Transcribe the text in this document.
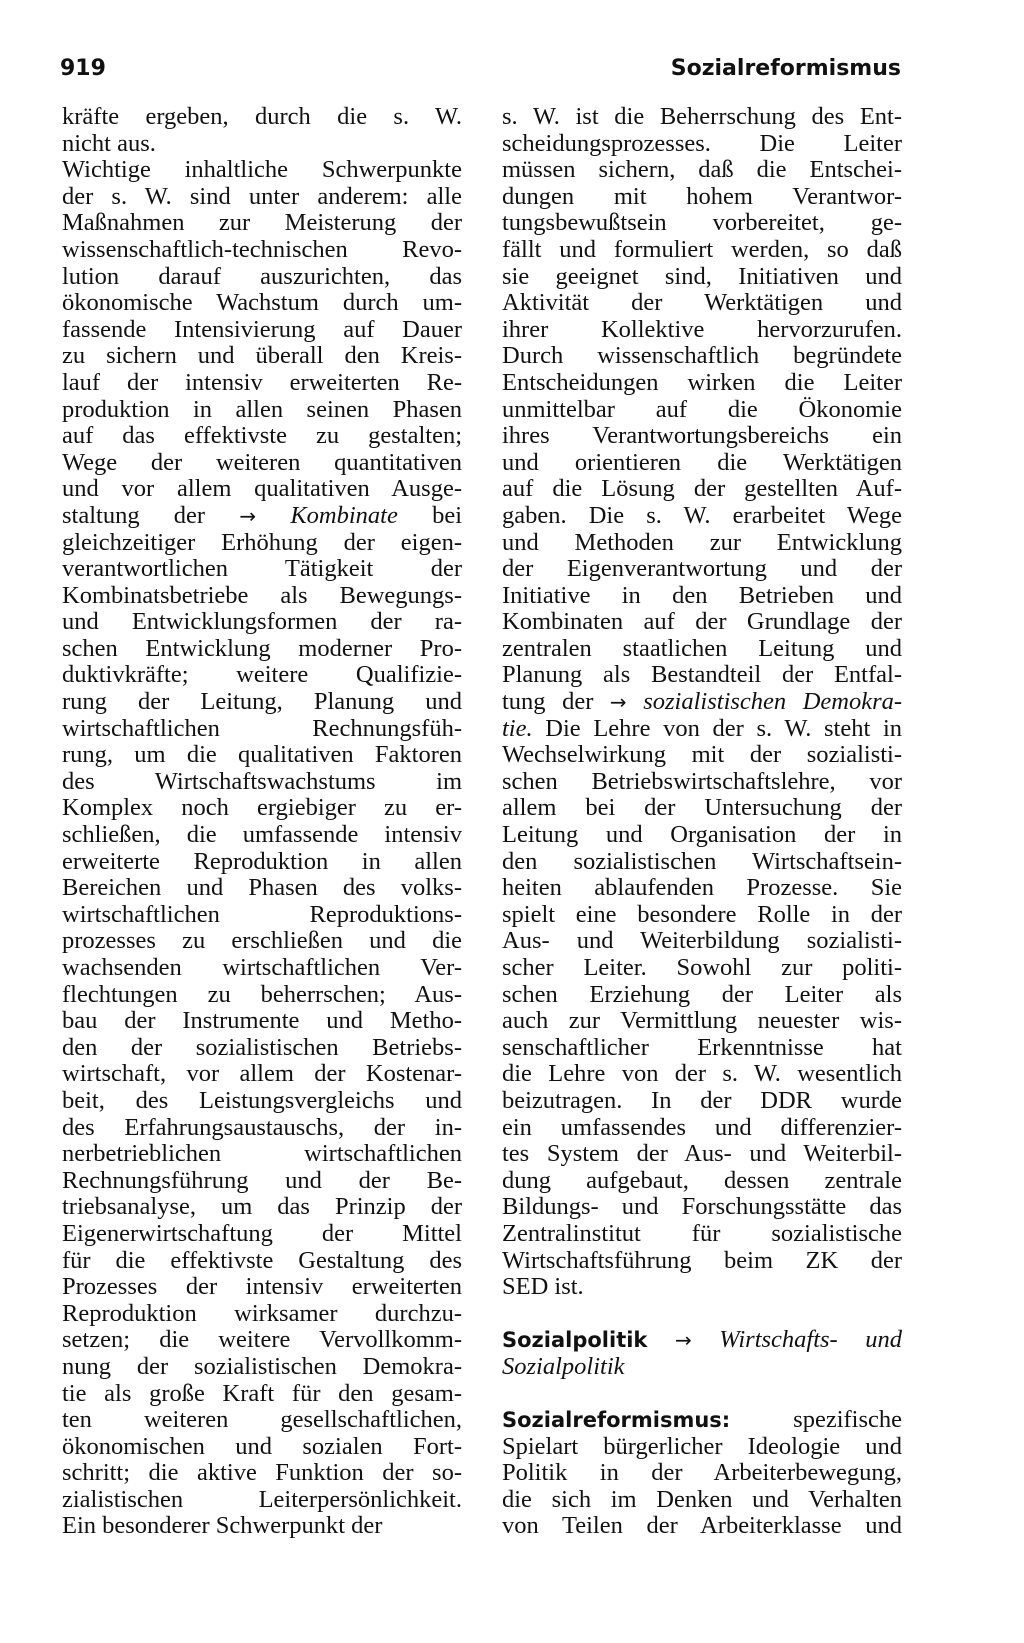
919	Sozialreformismus
kräfte ergeben, durch die s. W.
nicht aus.
Wichtige inhaltliche Schwerpunkte
der s. W. sind unter anderem: alle
Maßnahmen zur Meisterung der
wissenschaftlich-technischen Revo-
lution darauf auszurichten, das
ökonomische Wachstum durch um-
fassende Intensivierung auf Dauer
zu sichern und überall den Kreis-
lauf der intensiv erweiterten Re-
produktion in allen seinen Phasen
auf das effektivste zu gestalten;
Wege der weiteren quantitativen
und vor allem qualitativen Ausge-
staltung der → Kombinate bei
gleichzeitiger Erhöhung der eigen-
verantwortlichen Tätigkeit der
Kombinatsbetriebe als Bewegungs-
und Entwicklungsformen der ra-
schen Entwicklung moderner Pro-
duktivkräfte; weitere Qualifizie-
rung der Leitung, Planung und
wirtschaftlichen Rechnungsfüh-
rung, um die qualitativen Faktoren
des Wirtschaftswachstums im
Komplex noch ergiebiger zu er-
schließen, die umfassende intensiv
erweiterte Reproduktion in allen
Bereichen und Phasen des volks-
wirtschaftlichen Reproduktions-
prozesses zu erschließen und die
wachsenden wirtschaftlichen Ver-
flechtungen zu beherrschen; Aus-
bau der Instrumente und Metho-
den der sozialistischen Betriebs-
wirtschaft, vor allem der Kostenar-
beit, des Leistungsvergleichs und
des Erfahrungsaustauschs, der in-
nerbetrieblichen wirtschaftlichen
Rechnungsführung und der Be-
triebsanalyse, um das Prinzip der
Eigenerwirtschaftung der Mittel
für die effektivste Gestaltung des
Prozesses der intensiv erweiterten
Reproduktion wirksamer durchzu-
setzen; die weitere Vervollkomm-
nung der sozialistischen Demokra-
tie als große Kraft für den gesam-
ten weiteren gesellschaftlichen,
ökonomischen und sozialen Fort-
schritt; die aktive Funktion der so-
zialistischen Leiterpersönlichkeit.
Ein besonderer Schwerpunkt der
s. W. ist die Beherrschung des Ent-
scheidungsprozesses. Die Leiter
müssen sichern, daß die Entschei-
dungen mit hohem Verantwor-
tungsbewußtsein vorbereitet, ge-
fällt und formuliert werden, so daß
sie geeignet sind, Initiativen und
Aktivität der Werktätigen und
ihrer Kollektive hervorzurufen.
Durch wissenschaftlich begründete
Entscheidungen wirken die Leiter
unmittelbar auf die Ökonomie
ihres Verantwortungsbereichs ein
und orientieren die Werktätigen
auf die Lösung der gestellten Auf-
gaben. Die s. W. erarbeitet Wege
und Methoden zur Entwicklung
der Eigenverantwortung und der
Initiative in den Betrieben und
Kombinaten auf der Grundlage der
zentralen staatlichen Leitung und
Planung als Bestandteil der Entfal-
tung der → sozialistischen Demokra-
tie. Die Lehre von der s. W. steht in
Wechselwirkung mit der sozialisti-
schen Betriebswirtschaftslehre, vor
allem bei der Untersuchung der
Leitung und Organisation der in
den sozialistischen Wirtschaftsein-
heiten ablaufenden Prozesse. Sie
spielt eine besondere Rolle in der
Aus- und Weiterbildung sozialisti-
scher Leiter. Sowohl zur politi-
schen Erziehung der Leiter als
auch zur Vermittlung neuester wis-
senschaftlicher Erkenntnisse hat
die Lehre von der s. W. wesentlich
beizutragen. In der DDR wurde
ein umfassendes und differenzier-
tes System der Aus- und Weiterbil-
dung aufgebaut, dessen zentrale
Bildungs- und Forschungsstätte das
Zentralinstitut für sozialistische
Wirtschaftsführung beim ZK der
SED ist.
Sozialpolitik → Wirtschafts- und
Sozialpolitik
Sozialreformismus:	spezifische
Spielart bürgerlicher Ideologie und
Politik in der Arbeiterbewegung,
die sich im Denken und Verhalten
von Teilen der Arbeiterklasse und
